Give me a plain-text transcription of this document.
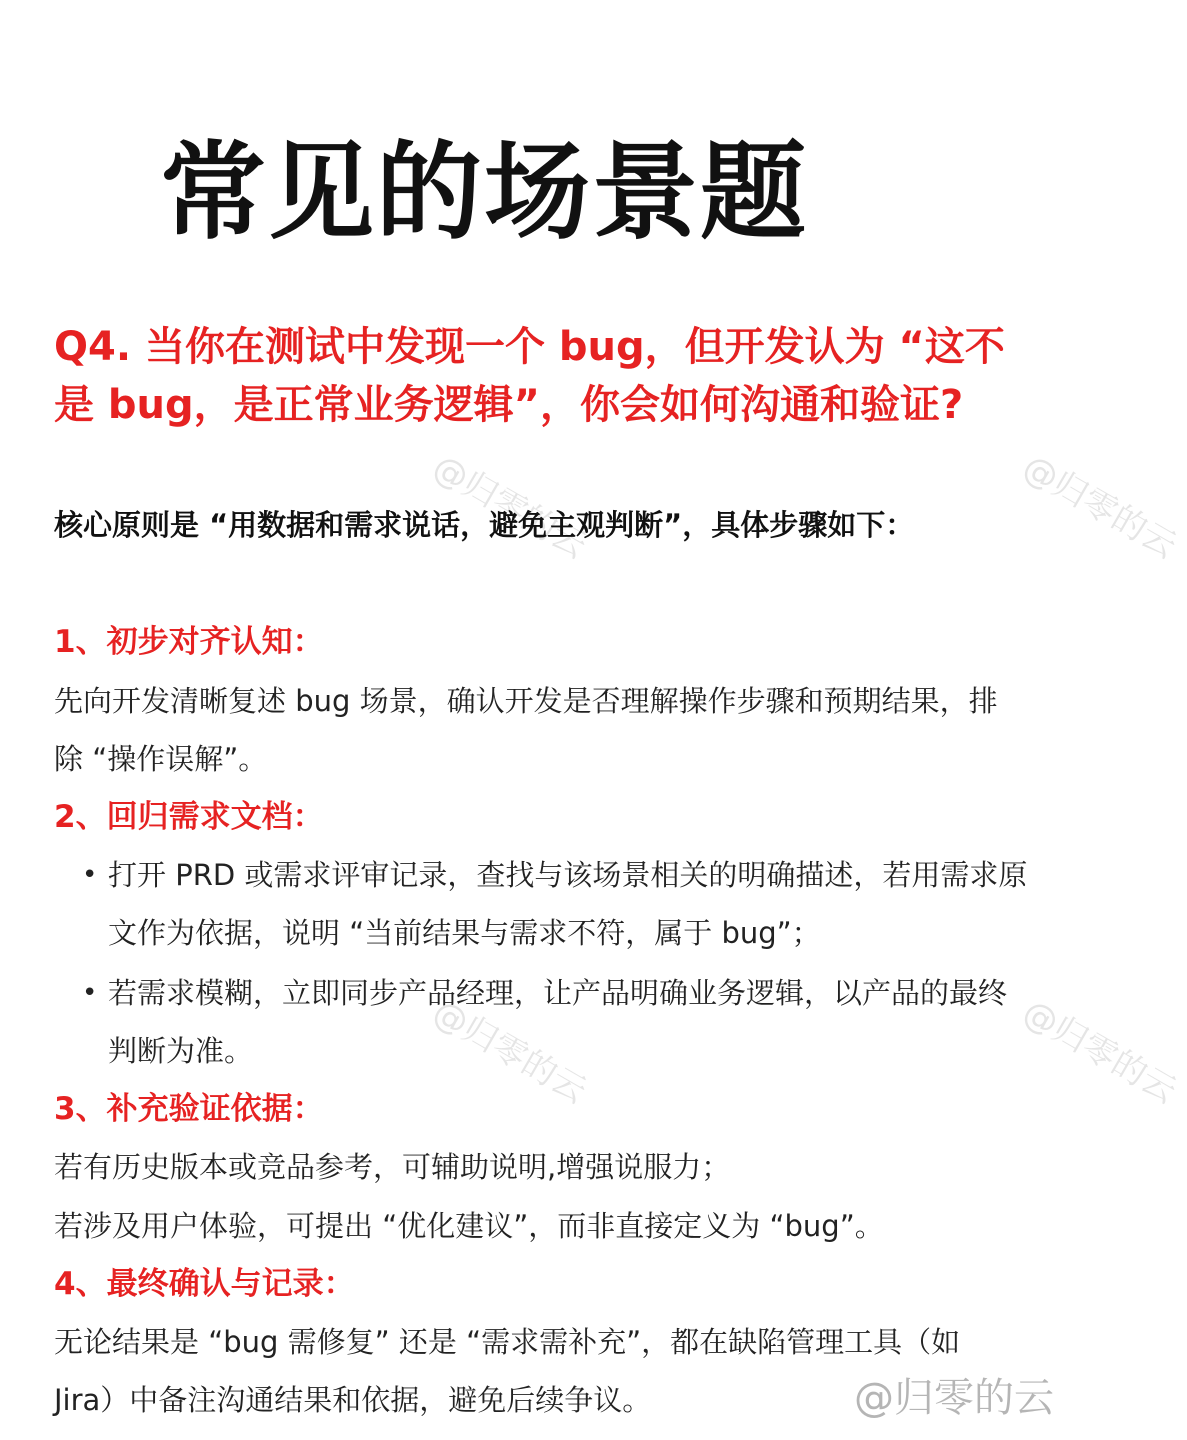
@归零的云
@归零的云
@归零的云
@归零的云
常见的场景题
Q4. 当你在测试中发现一个 bug，但开发认为 “这不是 bug，是正常业务逻辑”，你会如何沟通和验证?
核心原则是 “用数据和需求说话，避免主观判断”，具体步骤如下：
1、初步对齐认知：
先向开发清晰复述 bug 场景，确认开发是否理解操作步骤和预期结果，排除 “操作误解”。
2、回归需求文档：
• 打开 PRD 或需求评审记录，查找与该场景相关的明确描述，若用需求原文作为依据，说明 “当前结果与需求不符，属于 bug”；
• 若需求模糊，立即同步产品经理，让产品明确业务逻辑，以产品的最终判断为准。
3、补充验证依据：
若有历史版本或竞品参考，可辅助说明,增强说服力；
若涉及用户体验，可提出 “优化建议”，而非直接定义为 “bug”。
4、最终确认与记录：
无论结果是 “bug 需修复” 还是 “需求需补充”，都在缺陷管理工具（如 Jira）中备注沟通结果和依据，避免后续争议。	@归零的云
